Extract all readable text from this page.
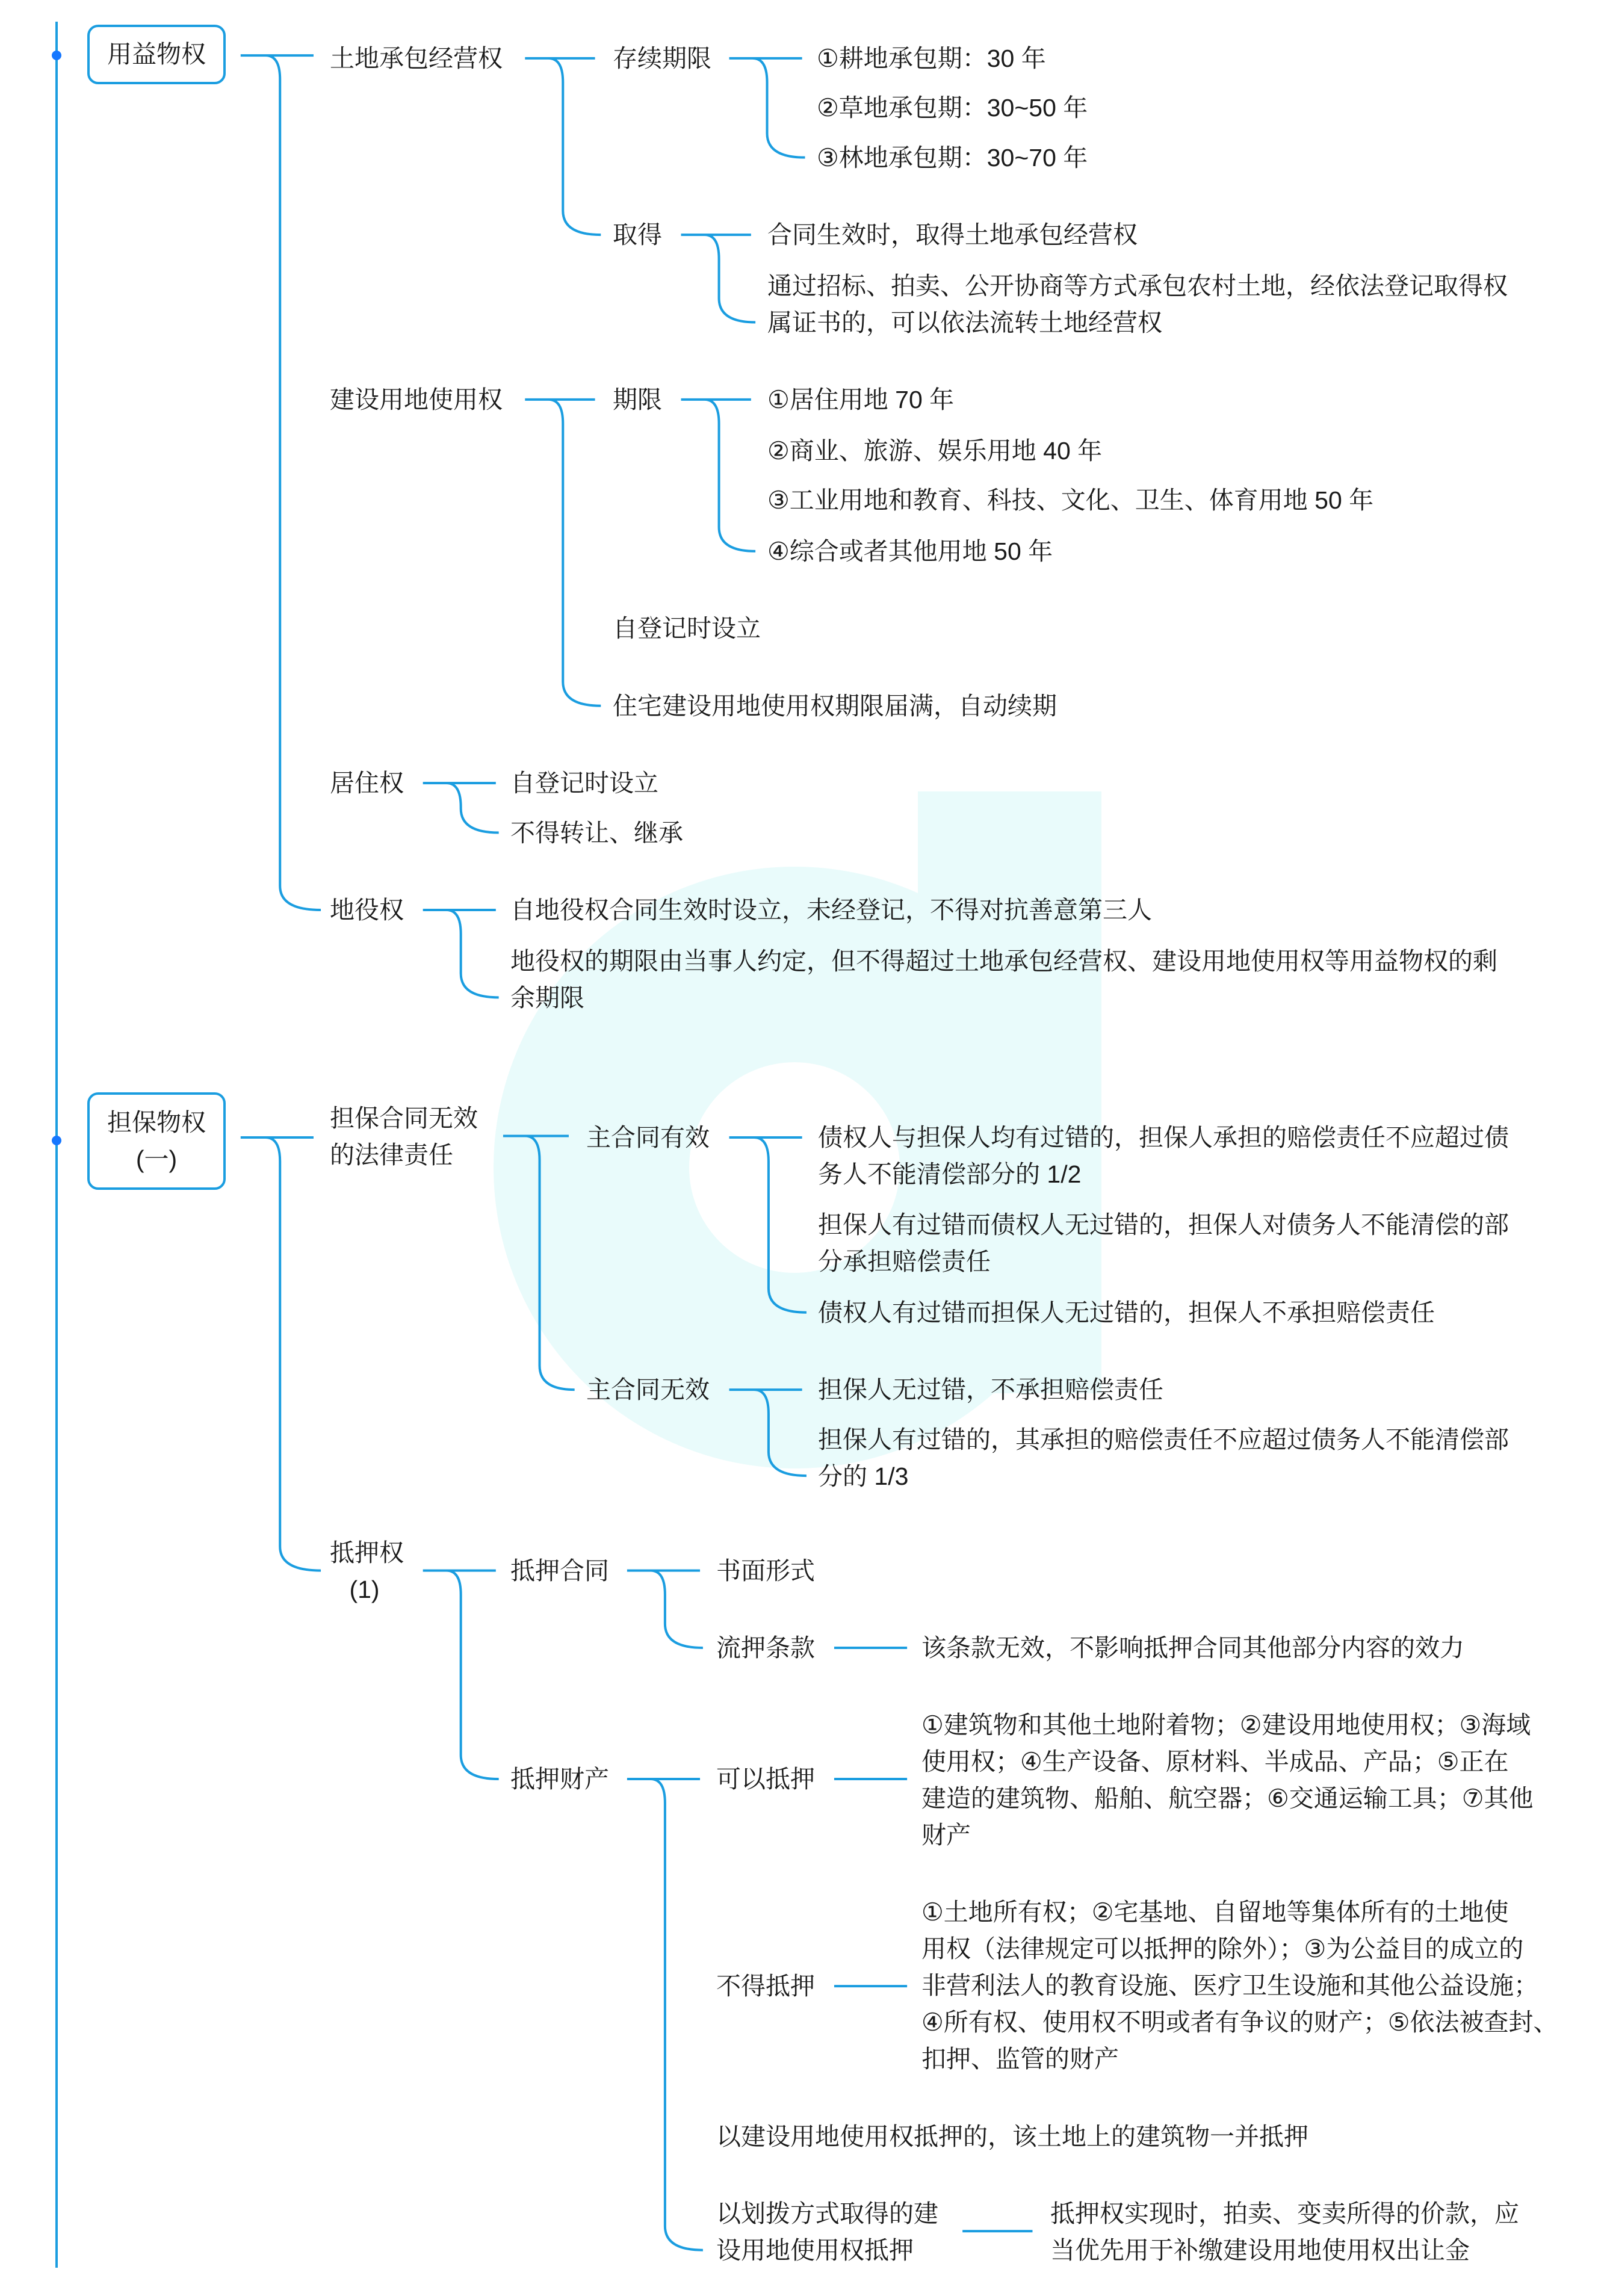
用益物权
担保物权
(一)
土地承包经营权	存续期限	①耕地承包期：30 年
②草地承包期：30~50 年
③林地承包期：30~70 年
取得	合同生效时，取得土地承包经营权
通过招标、拍卖、公开协商等方式承包农村土地，经依法登记取得权
属证书的，可以依法流转土地经营权
建设用地使用权	期限	①居住用地 70 年
②商业、旅游、娱乐用地 40 年
③工业用地和教育、科技、文化、卫生、体育用地 50 年
④综合或者其他用地 50 年
自登记时设立
住宅建设用地使用权期限届满，自动续期
居住权	自登记时设立
不得转让、继承
地役权	自地役权合同生效时设立，未经登记，不得对抗善意第三人
地役权的期限由当事人约定，但不得超过土地承包经营权、建设用地使用权等用益物权的剩
余期限
担保合同无效
的法律责任
主合同有效	债权人与担保人均有过错的，担保人承担的赔偿责任不应超过债
务人不能清偿部分的 1/2
担保人有过错而债权人无过错的，担保人对债务人不能清偿的部
分承担赔偿责任
债权人有过错而担保人无过错的，担保人不承担赔偿责任
主合同无效	担保人无过错，不承担赔偿责任
担保人有过错的，其承担的赔偿责任不应超过债务人不能清偿部
分的 1/3
抵押权
(1)
抵押合同	书面形式
流押条款	该条款无效，不影响抵押合同其他部分内容的效力
抵押财产	可以抵押
①建筑物和其他土地附着物；②建设用地使用权；③海域
使用权；④生产设备、原材料、半成品、产品；⑤正在
建造的建筑物、船舶、航空器；⑥交通运输工具；⑦其他
财产
不得抵押
①土地所有权；②宅基地、自留地等集体所有的土地使
用权（法律规定可以抵押的除外）；③为公益目的成立的
非营利法人的教育设施、医疗卫生设施和其他公益设施；
④所有权、使用权不明或者有争议的财产；⑤依法被查封、
扣押、监管的财产
以建设用地使用权抵押的，该土地上的建筑物一并抵押
以划拨方式取得的建
设用地使用权抵押
抵押权实现时，拍卖、变卖所得的价款，应
当优先用于补缴建设用地使用权出让金
